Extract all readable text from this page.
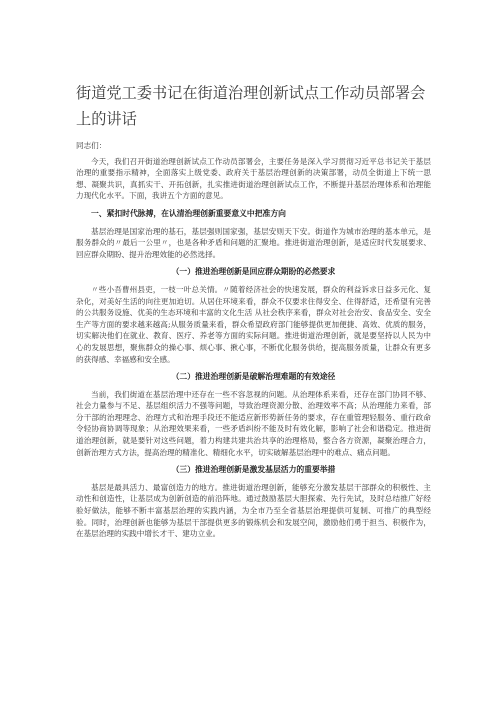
街道党工委书记在街道治理创新试点工作动员部署会上的讲话

同志们：

今天，我们召开街道治理创新试点工作动员部署会，主要任务是深入学习贯彻习近平总书记关于基层治理的重要指示精神，全面落实上级党委、政府关于基层治理创新的决策部署，动员全街道上下统一思想、凝聚共识，真抓实干、开拓创新，扎实推进街道治理创新试点工作，不断提升基层治理体系和治理能力现代化水平。下面，我讲五个方面的意见。

一、紧扣时代脉搏，在认清治理创新重要意义中把准方向

基层治理是国家治理的基石，基层强则国家强，基层安则天下安。街道作为城市治理的基本单元，是服务群众的〃最后一公里〃，也是各种矛盾和问题的汇聚地。推进街道治理创新，是适应时代发展要求、回应群众期盼、提升治理效能的必然选择。

（一）推进治理创新是回应群众期盼的必然要求

〃些小吾曹州县吏，一枝一叶总关情。〃随着经济社会的快速发展，群众的利益诉求日益多元化、复杂化，对美好生活的向往更加迫切。从居住环境来看，群众不仅要求住得安全、住得舒适，还希望有完善的公共服务设施、优美的生态环境和丰富的文化生活 从社会秩序来看，群众对社会治安、食品安全、安全生产等方面的要求越来越高;从服务质量来看，群众希望政府部门能够提供更加便捷、高效、优质的服务，切实解决他们在就业、教育、医疗、养老等方面的实际问题。推进街道治理创新，就是要坚持以人民为中心的发展思想，聚焦群众的操心事、烦心事、揪心事，不断优化服务供给，提高服务质量，让群众有更多的获得感、幸福感和安全感。

（二）推进治理创新是破解治理难题的有效途径

当前，我们街道在基层治理中还存在一些不容忽视的问题。从治理体系来看，还存在部门协同不够、社会力量参与不足、基层组织活力不强等问题，导致治理资源分散、治理效率不高；从治理能力来看，部分干部的治理理念、治理方式和治理手段还不能适应新形势新任务的要求，存在重管理轻服务、重行政命令轻协商协调等现象；从治理效果来看，一些矛盾纠纷不能及时有效化解，影响了社会和谐稳定。推进街道治理创新，就是要针对这些问题，着力构建共建共治共享的治理格局，整合各方资源，凝聚治理合力，创新治理方式方法，提高治理的精准化、精细化水平，切实破解基层治理中的难点、痛点问题。

（三）推进治理创新是激发基层活力的重要举措

基层是最具活力、最富创造力的地方。推进街道治理创新，能够充分激发基层干部群众的积极性、主动性和创造性，让基层成为创新创造的前沿阵地。通过鼓励基层大胆探索、先行先试，及时总结推广好经验好做法，能够不断丰富基层治理的实践内涵，为全市乃至全省基层治理提供可复制、可推广的典型经验。同时，治理创新也能够为基层干部提供更多的锻炼机会和发展空间，激励他们勇于担当、积极作为，在基层治理的实践中增长才干、建功立业。
